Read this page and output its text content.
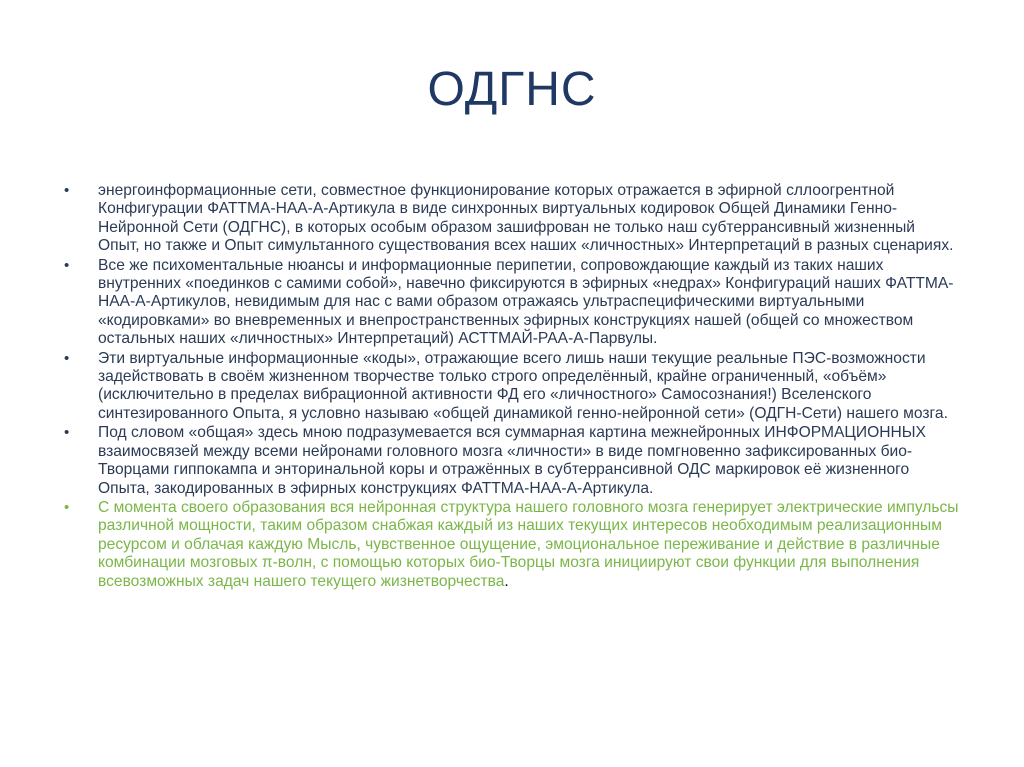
ОДГНС
• энергоинформационные сети, совместное функционирование которых отражается в эфирной сллоогрентной Конфигурации ФАТТМА-НАА-А-Артикула в виде синхронных виртуальных кодировок Общей Динамики Генно-Нейронной Сети (ОДГНС), в которых особым образом зашифрован не только наш субтеррансивный жизненный Опыт, но также и Опыт симультанного существования всех наших «личностных» Интерпретаций в разных сценариях.
• Все же психоментальные нюансы и информационные перипетии, сопровождающие каждый из таких наших внутренних «поединков с самими собой», навечно фиксируются в эфирных «недрах» Конфигураций наших ФАТТМА-НАА-А-Артикулов, невидимым для нас с вами образом отражаясь ультраспецифическими виртуальными «кодировками» во вневременных и внепространственных эфирных конструкциях нашей (общей со множеством остальных наших «личностных» Интерпретаций) АСТТМАЙ-РАА-А-Парвулы.
• Эти виртуальные информационные «коды», отражающие всего лишь наши текущие реальные ПЭС-возможности задействовать в своём жизненном творчестве только строго определённый, крайне ограниченный, «объём» (исключительно в пределах вибрационной активности ФД его «личностного» Самосознания!) Вселенского синтезированного Опыта, я условно называю «общей динамикой генно-нейронной сети» (ОДГН-Сети) нашего мозга.
• Под словом «общая» здесь мною подразумевается вся суммарная картина межнейронных ИНФОРМАЦИОННЫХ взаимосвязей между всеми нейронами головного мозга «личности» в виде помгновенно зафиксированных био-Творцами гиппокампа и энторинальной коры и отражённых в субтеррансивной ОДС маркировок её жизненного Опыта, закодированных в эфирных конструкциях ФАТТМА-НАА-А-Артикула.
• С момента своего образования вся нейронная структура нашего головного мозга генерирует электрические импульсы различной мощности, таким образом снабжая каждый из наших текущих интересов необходимым реализационным ресурсом и облачая каждую Мысль, чувственное ощущение, эмоциональное переживание и действие в различные комбинации мозговых π-волн, с помощью которых био-Творцы мозга инициируют свои функции для выполнения всевозможных задач нашего текущего жизнетворчества.
